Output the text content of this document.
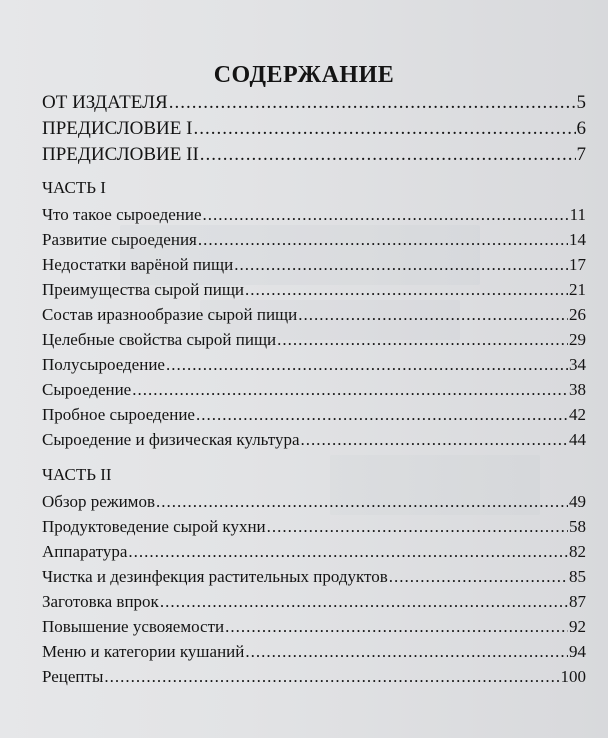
СОДЕРЖАНИЕ
ОТ ИЗДАТЕЛЯ .....	5
ПРЕДИСЛОВИЕ I .....	6
ПРЕДИСЛОВИЕ II .....	7
ЧАСТЬ I
Что такое сыроедение .....	11
Развитие сыроедения .....	14
Недостатки варёной пищи .....	17
Преимущества сырой пищи .....	21
Состав иразнообразие сырой пищи .....	26
Целебные свойства сырой пищи .....	29
Полусыроедение .....	34
Сыроедение .....	38
Пробное сыроедение .....	42
Сыроедение и физическая культура .....	44
ЧАСТЬ II
Обзор режимов .....	49
Продуктоведение сырой кухни .....	58
Аппаратура .....	82
Чистка и дезинфекция растительных продуктов .....	85
Заготовка впрок .....	87
Повышение усвояемости .....	92
Меню и категории кушаний .....	94
Рецепты .....	100
